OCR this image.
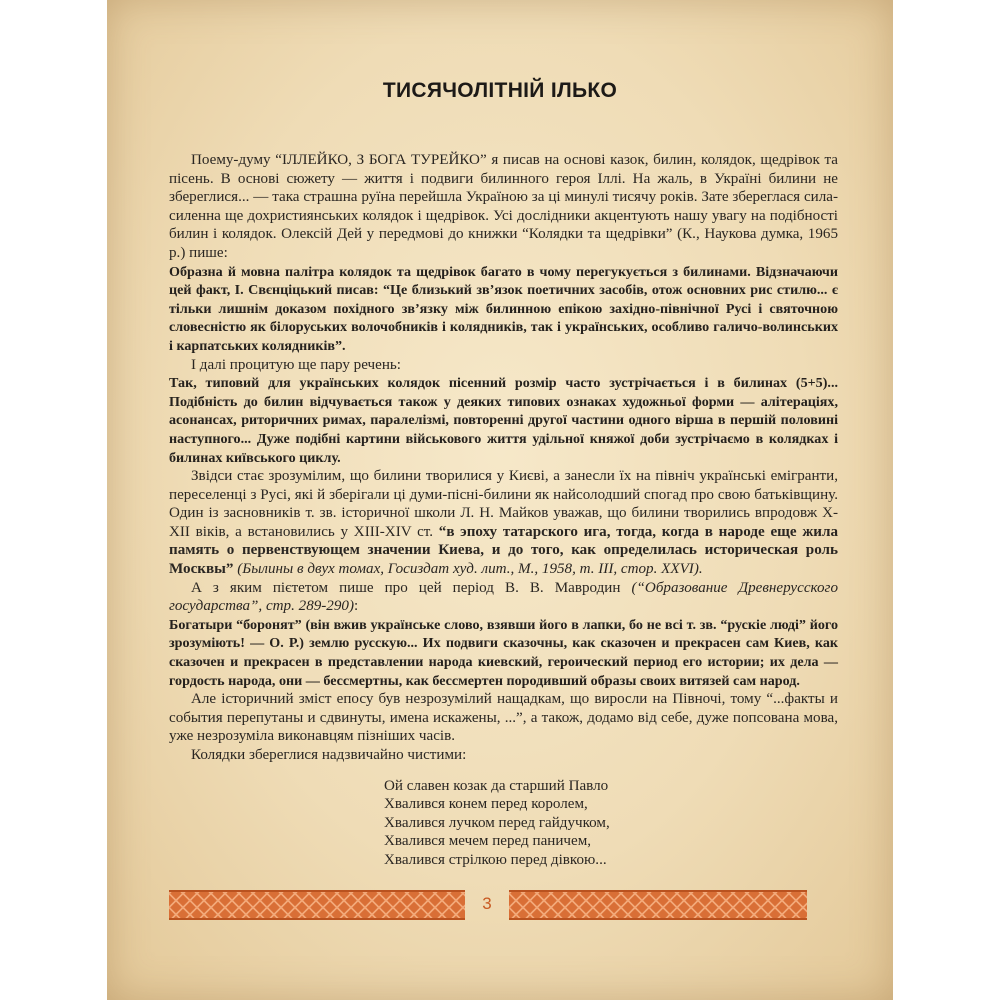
ТИСЯЧОЛІТНІЙ ІЛЬКО

Поему-думу “ІЛЛЕЙКО, З БОГА ТУРЕЙКО” я писав на основі казок, билин, колядок, щедрівок та пісень. В основі сюжету — життя і подвиги билинного героя Іллі. На жаль, в Україні билини не збереглися... — така страшна руїна перейшла Україною за ці минулі тисячу років. Зате збереглася сила-силенна ще дохристиянських колядок і щедрівок. Усі дослідники акцентують нашу увагу на подібності билин і колядок. Олексій Дей у передмові до книжки “Колядки та щедрівки” (К., Наукова думка, 1965 р.) пише:

Образна й мовна палітра колядок та щедрівок багато в чому перегукується з билинами. Відзначаючи цей факт, І. Свєнціцький писав: “Це близький зв’язок поетичних засобів, отож основних рис стилю... є тільки лишнім доказом похідного зв’язку між билинною епікою західно-північної Русі і святочною словесністю як білоруських волочобників і колядників, так і українських, особливо галичо-волинських і карпатських колядників”.

І далі процитую ще пару речень:

Так, типовий для українських колядок пісенний розмір часто зустрічається і в билинах (5+5)... Подібність до билин відчувається також у деяких типових ознаках художньої форми — алітераціях, асонансах, риторичних римах, паралелізмі, повторенні другої частини одного вірша в першій половині наступного... Дуже подібні картини військового життя удільної княжої доби зустрічаємо в колядках і билинах київського циклу.

Звідси стає зрозумілим, що билини творилися у Києві, а занесли їх на північ українські емігранти, переселенці з Русі, які й зберігали ці думи-пісні-билини як найсолодший спогад про свою батьківщину. Один із засновників т. зв. історичної школи Л. Н. Майков уважав, що билини творились впродовж X-XII віків, а встановились у XIII-XIV ст. “в эпоху татарского ига, тогда, когда в народе еще жила память о первенствующем значении Киева, и до того, как определилась историческая роль Москвы” (Былины в двух томах, Госиздат худ. лит., М., 1958, т. III, стор. XXVI).

А з яким пієтетом пише про цей період В. В. Мавродин (“Образование Древнерусского государства”, стр. 289-290):

Богатыри “боронят” (він вжив українське слово, взявши його в лапки, бо не всі т. зв. “рускіе люді” його зрозуміють! — О. Р.) землю русскую... Их подвиги сказочны, как сказочен и прекрасен сам Киев, как сказочен и прекрасен в представлении народа киевский, героический период его истории; их дела — гордость народа, они — бессмертны, как бессмертен породивший образы своих витязей сам народ.

Але історичний зміст епосу був незрозумілий нащадкам, що виросли на Півночі, тому “...факты и события перепутаны и сдвинуты, имена искажены, ...”, а також, додамо від себе, дуже попсована мова, уже незрозуміла виконавцям пізніших часів.

Колядки збереглися надзвичайно чистими:

Ой славен козак да старший Павло
Хвалився конем перед королем,
Хвалився лучком перед гайдучком,
Хвалився мечем перед паничем,
Хвалився стрілкою перед дівкою...
3
